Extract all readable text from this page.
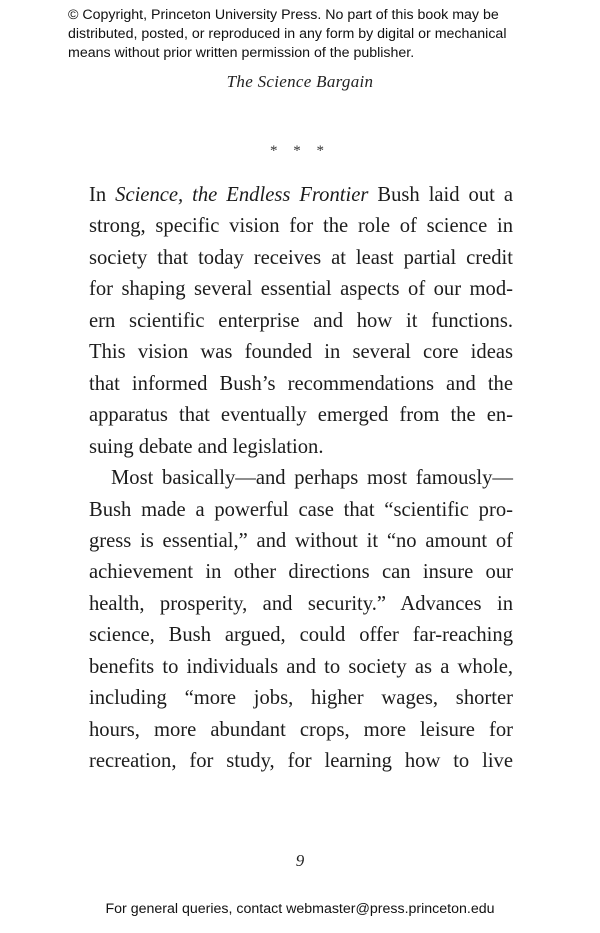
© Copyright, Princeton University Press. No part of this book may be
distributed, posted, or reproduced in any form by digital or mechanical
means without prior written permission of the publisher.
The Science Bargain
* * *
In Science, the Endless Frontier Bush laid out a
strong, specific vision for the role of science in
society that today receives at least partial credit
for shaping several essential aspects of our mod-
ern scientific enterprise and how it functions.
This vision was founded in several core ideas
that informed Bush’s recommendations and the
apparatus that eventually emerged from the en-
suing debate and legislation.
Most basically—and perhaps most famously—
Bush made a powerful case that “scientific pro-
gress is essential,” and without it “no amount of
achievement in other directions can insure our
health, prosperity, and security.” Advances in
science, Bush argued, could offer far-reaching
benefits to individuals and to society as a whole,
including “more jobs, higher wages, shorter
hours, more abundant crops, more leisure for
recreation, for study, for learning how to live
9
For general queries, contact webmaster@press.princeton.edu
